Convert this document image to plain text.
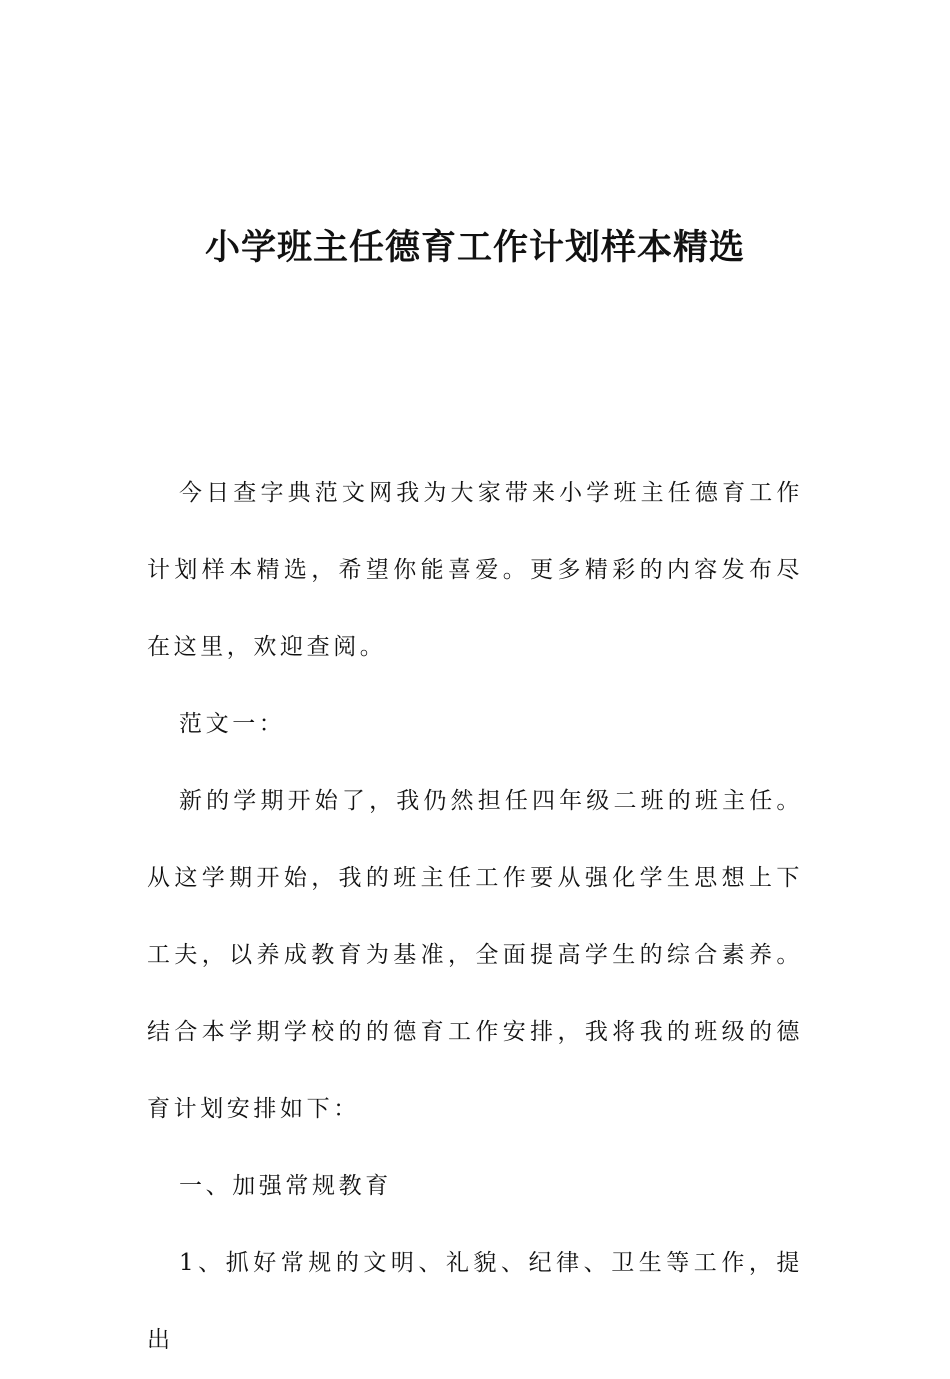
小学班主任德育工作计划样本精选

今日查字典范文网我为大家带来小学班主任德育工作计划样本精选，希望你能喜爱。更多精彩的内容发布尽在这里，欢迎查阅。

范文一：

新的学期开始了，我仍然担任四年级二班的班主任。从这学期开始，我的班主任工作要从强化学生思想上下工夫，以养成教育为基准，全面提高学生的综合素养。结合本学期学校的的德育工作安排，我将我的班级的德育计划安排如下：

一、加强常规教育

1、抓好常规的文明、礼貌、纪律、卫生等工作，提出
